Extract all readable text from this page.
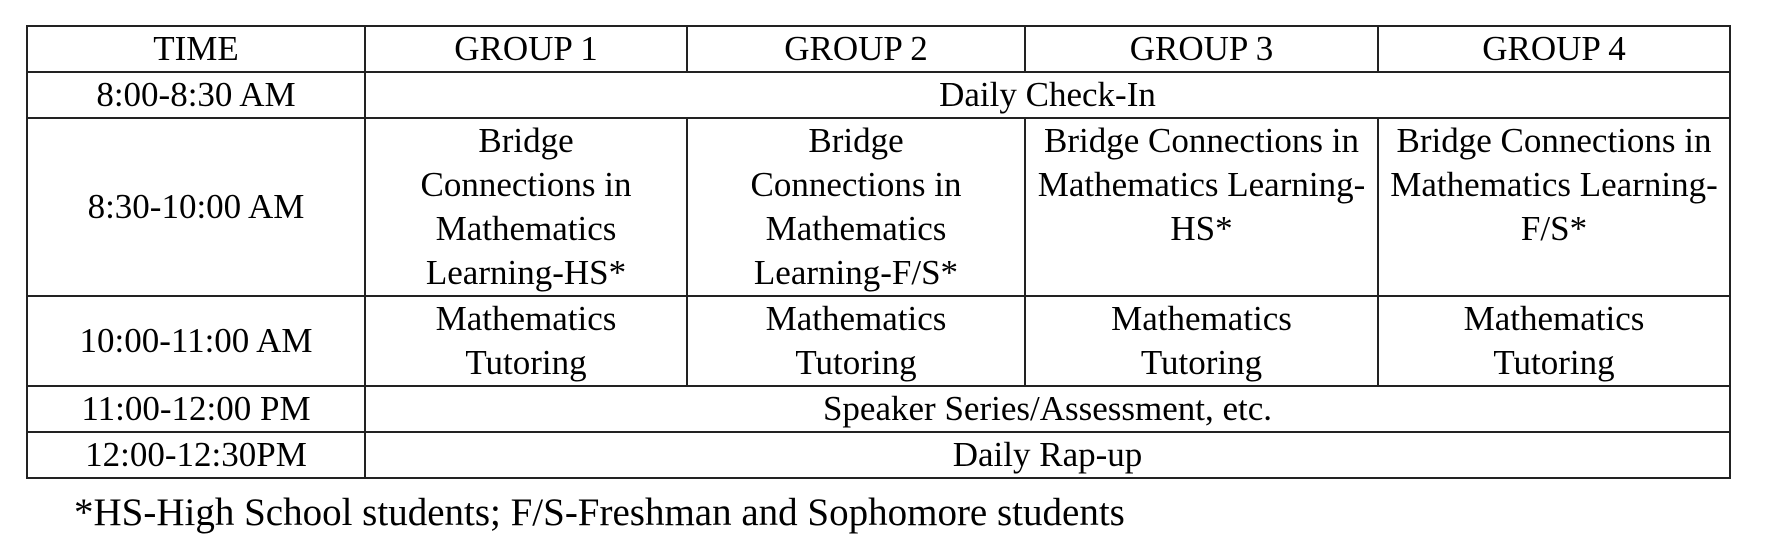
TIME	GROUP 1	GROUP 2	GROUP 3	GROUP 4
8:00-8:30 AM	Daily Check-In			
8:30-10:00 AM	Bridge Connections in Mathematics Learning-HS*	Bridge Connections in Mathematics Learning-F/S*	Bridge Connections in Mathematics Learning-HS*	Bridge Connections in Mathematics Learning-F/S*

10:00-11:00 AM	Mathematics Tutoring	Mathematics Tutoring	Mathematics Tutoring	Mathematics Tutoring

11:00-12:00 PM	Speaker Series/Assessment, etc.			
12:00-12:30PM	Daily Rap-up			
*HS-High School students; F/S-Freshman and Sophomore students
